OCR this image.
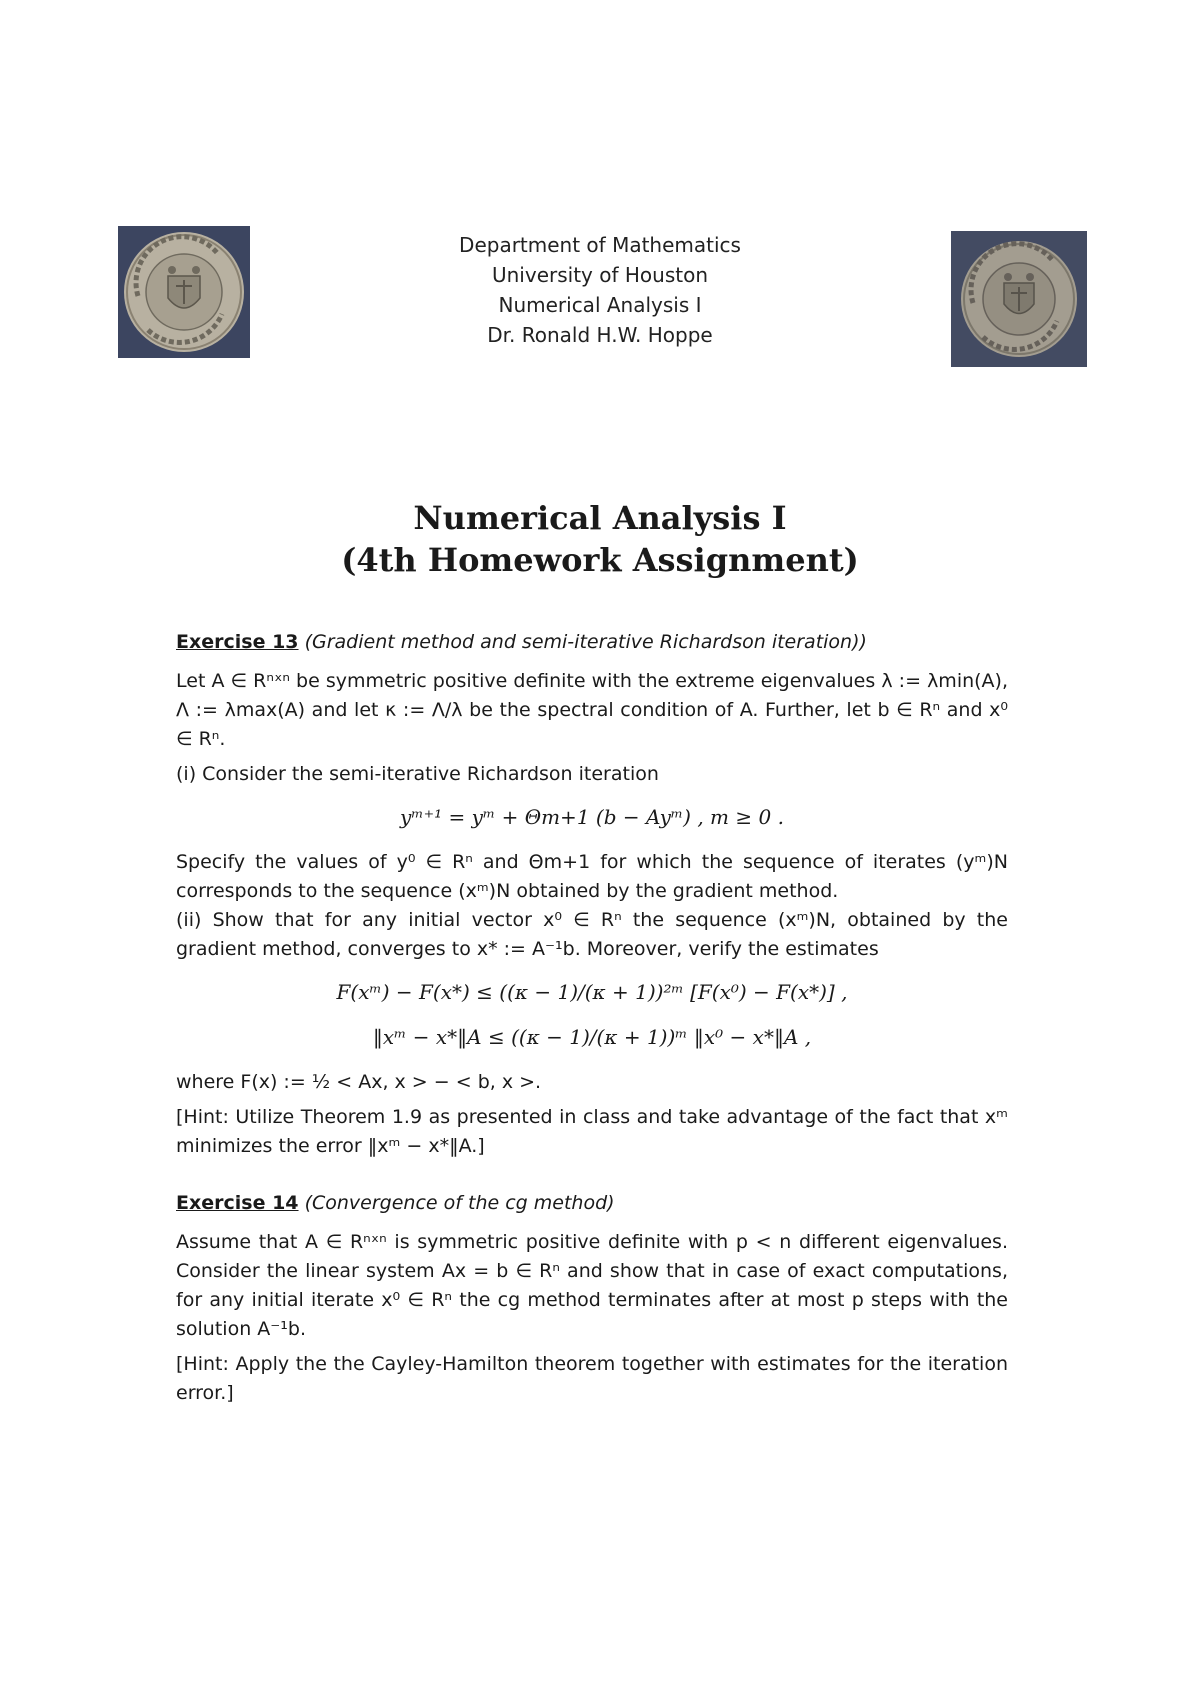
Department of Mathematics
University of Houston
Numerical Analysis I
Dr. Ronald H.W. Hoppe
Numerical Analysis I
(4th Homework Assignment)

Exercise 13 (Gradient method and semi-iterative Richardson iteration))

Let A ∈ Rⁿˣⁿ be symmetric positive definite with the extreme eigenvalues λ := λmin(A), Λ := λmax(A) and let κ := Λ/λ be the spectral condition of A. Further, let b ∈ Rⁿ and x⁰ ∈ Rⁿ.

(i) Consider the semi-iterative Richardson iteration

yᵐ⁺¹ = yᵐ + Θm+1 (b − Ayᵐ) , m ≥ 0 .

Specify the values of y⁰ ∈ Rⁿ and Θm+1 for which the sequence of iterates (yᵐ)N corresponds to the sequence (xᵐ)N obtained by the gradient method.

(ii) Show that for any initial vector x⁰ ∈ Rⁿ the sequence (xᵐ)N, obtained by the gradient method, converges to x* := A⁻¹b. Moreover, verify the estimates

F(xᵐ) − F(x*) ≤ ((κ − 1)/(κ + 1))²ᵐ [F(x⁰) − F(x*)] ,
‖xᵐ − x*‖A ≤ ((κ − 1)/(κ + 1))ᵐ ‖x⁰ − x*‖A ,

where F(x) := ½ < Ax, x > − < b, x >.

[Hint: Utilize Theorem 1.9 as presented in class and take advantage of the fact that xᵐ minimizes the error ‖xᵐ − x*‖A.]

Exercise 14 (Convergence of the cg method)

Assume that A ∈ Rⁿˣⁿ is symmetric positive definite with p < n different eigenvalues. Consider the linear system Ax = b ∈ Rⁿ and show that in case of exact computations, for any initial iterate x⁰ ∈ Rⁿ the cg method terminates after at most p steps with the solution A⁻¹b.

[Hint: Apply the the Cayley-Hamilton theorem together with estimates for the iteration error.]
